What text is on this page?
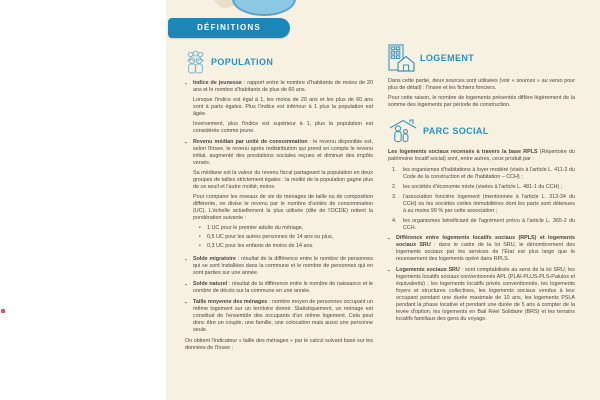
DÉFINITIONS
POPULATION
▪	Indice de jeunesse : rapport entre le nombre d'habitants de moins de 20 ans et le nombre d'habitants de plus de 60 ans.

Lorsque l'indice est égal à 1, les moins de 20 ans et les plus de 60 ans sont à parts égales. Plus l'indice est inférieur à 1 plus la population est âgée.

Inversement, plus l'indice est supérieur à 1, plus la population est considérée comme jeune.

▪	Revenu médian par unité de consommation : le revenu disponible est, selon l'Insee, le revenu après redistribution qui prend en compte le revenu initial, augmenté des prestations sociales reçues et diminué des impôts versés.

Sa médiane est la valeur du revenu fiscal partageant la population en deux groupes de tailles strictement égales : la moitié de la population gagne plus de ce seuil et l'autre moitié, moins.

Pour comparer les niveaux de vie de ménages de taille ou de composition différente, on divise le revenu par le nombre d'unités de consommation (UC). L'échelle actuellement la plus utilisée (dite de l'OCDE) retient la pondération suivante :

•	1 UC pour le premier adulte du ménage,
•	0,5 UC pour les autres personnes de 14 ans ou plus,
•	0,3 UC pour les enfants de moins de 14 ans.
▪	Solde migratoire : résultat de la différence entre le nombre de personnes qui se sont installées dans la commune et le nombre de personnes qui en sont parties sur une année.

▪	Solde naturel : résultat de la différence entre le nombre de naissance et le nombre de décès sur la commune en une année.

▪	Taille moyenne des ménages : nombre moyen de personnes occupant un même logement sur un territoire donné. Statistiquement, un ménage est constitué de l'ensemble des occupants d'un même logement. Cela peut donc être un couple, une famille, une colocation mais aussi une personne seule.

On obtient l'indicateur « taille des ménages » par le calcul suivant basé sur les données de l'Insee :

LOGEMENT

Dans cette partie, deux sources sont utilisées (voir « sources » au verso pour plus de détail) : l'Insee et les fichiers fonciers.

Pour cette raison, le nombre de logements présentés diffère légèrement de la somme des logements par période de construction.

PARC SOCIAL

Les logements sociaux recensés à travers la base RPLS (Répertoire du patrimoine locatif social) sont, entre autres, ceux produit par :

1.	les organismes d'habitations à loyer modéré (visés à l'article L. 411-2 du Code de la construction et de l'habitation – CCH) ;
2.	les sociétés d'économie mixte (visées à l'article L. 481-1 du CCH) ;
3.	l'association foncière logement (mentionnée à l'article L. 313-34 du CCH) ou les sociétés civiles immobilières dont les parts sont détenues à au moins 99 % par cette association ;
4.	les organismes bénéficiant de l'agrément prévu à l'article L. 365-2 du CCH.
▪	Différence entre logements locatifs sociaux (RPLS) et logements sociaux SRU : dans le cadre de la loi SRU, le dénombrement des logements sociaux par les services de l'État est plus large que le recensement des logements opéré dans RPLS.

▪	Logements sociaux SRU : sont comptabilisés au sens de la loi SRU, les logements locatifs sociaux conventionnés APL (PLAI-PLUS-PLS-Palulos et équivalents) ; les logements locatifs privés conventionnés, les logements foyers et structures collectives, les logements sociaux vendus à leur occupant pendant une durée maximale de 10 ans, les logements PSLA pendant la phase locative et pendant une durée de 5 ans à compter de la levée d'option, les logements en Bail Réel Solidaire (BRS) et les terrains locatifs familiaux des gens du voyage.
